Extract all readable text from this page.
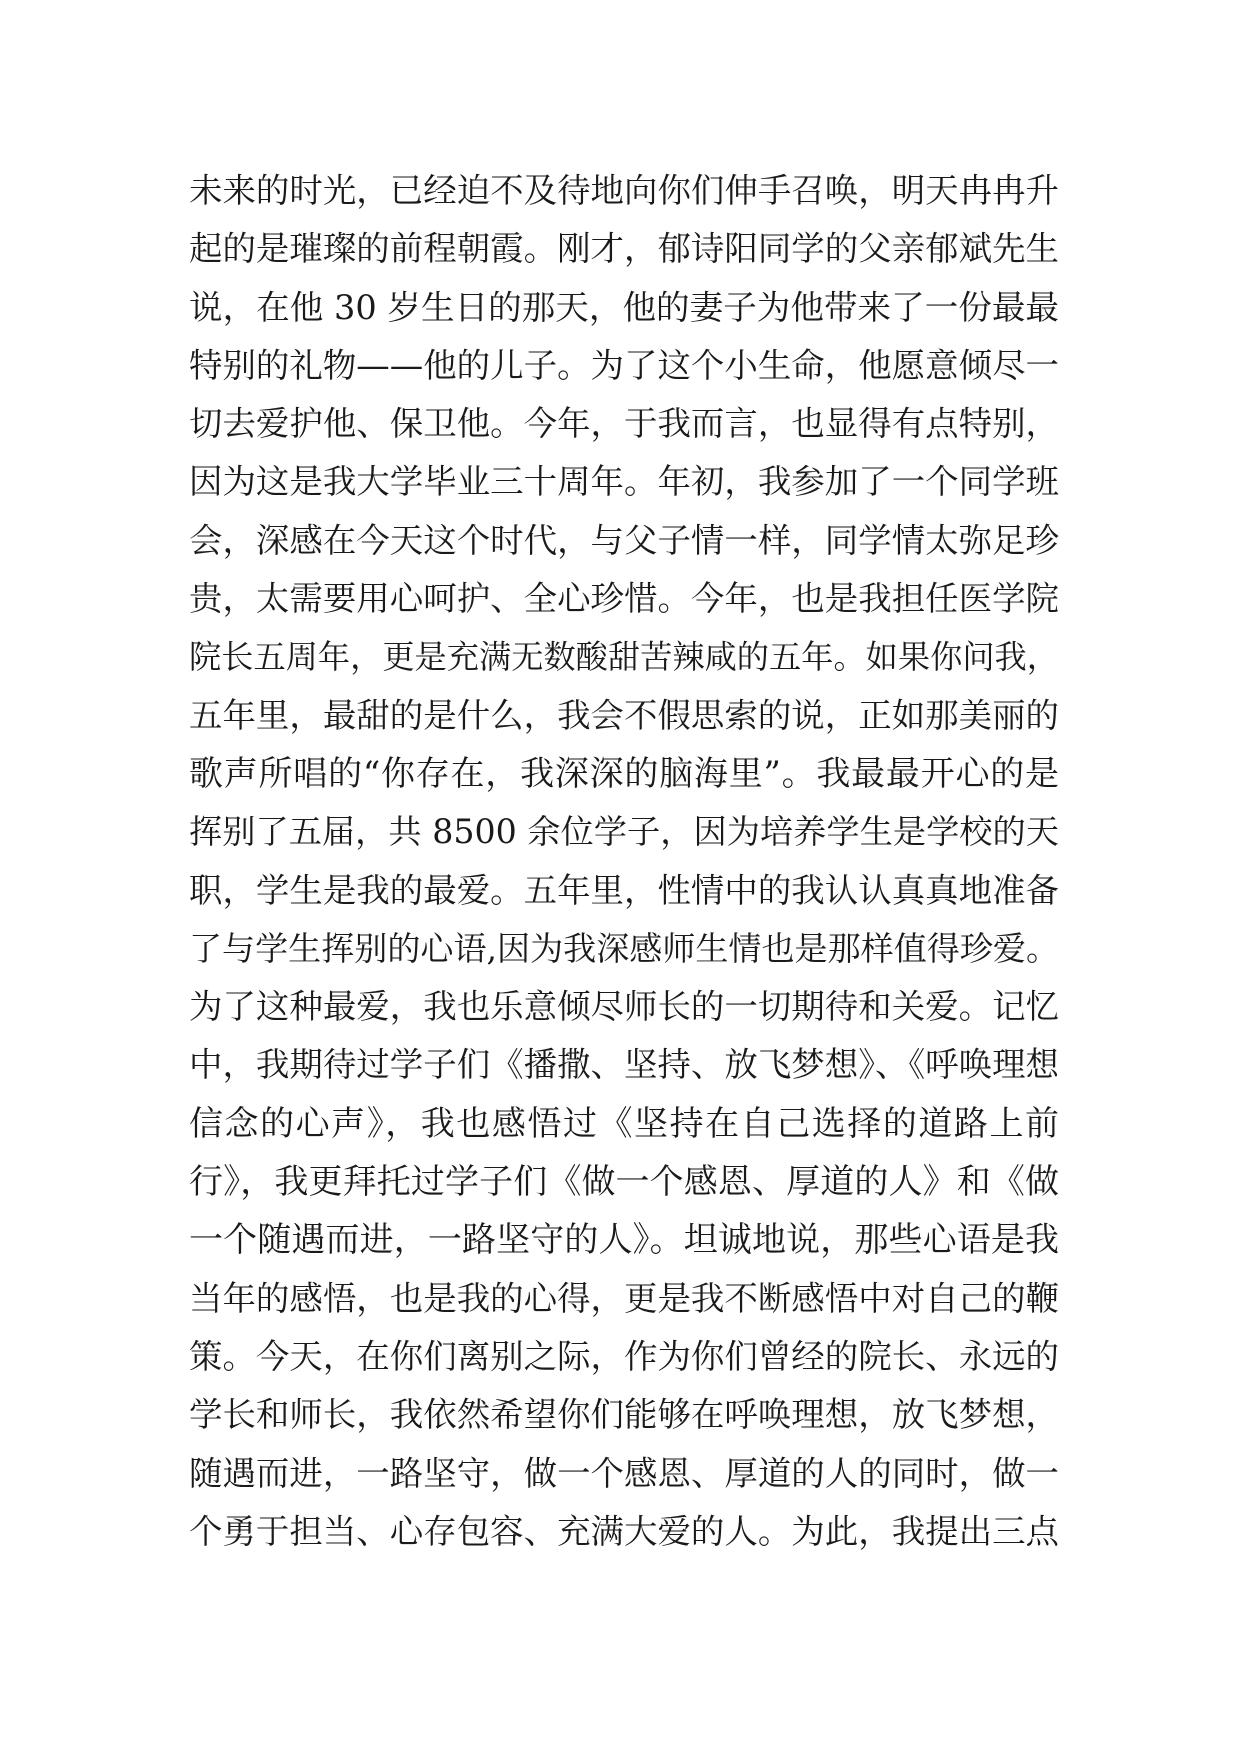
未来的时光，已经迫不及待地向你们伸手召唤，明天冉冉升
起的是璀璨的前程朝霞。刚才，郁诗阳同学的父亲郁斌先生
说，在他 30 岁生日的那天，他的妻子为他带来了一份最最
特别的礼物——他的儿子。为了这个小生命，他愿意倾尽一
切去爱护他、保卫他。今年，于我而言，也显得有点特别，
因为这是我大学毕业三十周年。年初，我参加了一个同学班
会，深感在今天这个时代，与父子情一样，同学情太弥足珍
贵，太需要用心呵护、全心珍惜。今年，也是我担任医学院
院长五周年，更是充满无数酸甜苦辣咸的五年。如果你问我，
五年里，最甜的是什么，我会不假思索的说，正如那美丽的
歌声所唱的“你存在，我深深的脑海里”。我最最开心的是
挥别了五届，共 8500 余位学子，因为培养学生是学校的天
职，学生是我的最爱。五年里，性情中的我认认真真地准备
了与学生挥别的心语,因为我深感师生情也是那样值得珍爱。
为了这种最爱，我也乐意倾尽师长的一切期待和关爱。记忆
中，我期待过学子们《播撒、坚持、放飞梦想》、《呼唤理想
信念的心声》，我也感悟过《坚持在自己选择的道路上前
行》，我更拜托过学子们《做一个感恩、厚道的人》和《做
一个随遇而进，一路坚守的人》。坦诚地说，那些心语是我
当年的感悟，也是我的心得，更是我不断感悟中对自己的鞭
策。今天，在你们离别之际，作为你们曾经的院长、永远的
学长和师长，我依然希望你们能够在呼唤理想，放飞梦想，
随遇而进，一路坚守，做一个感恩、厚道的人的同时，做一
个勇于担当、心存包容、充满大爱的人。为此，我提出三点
